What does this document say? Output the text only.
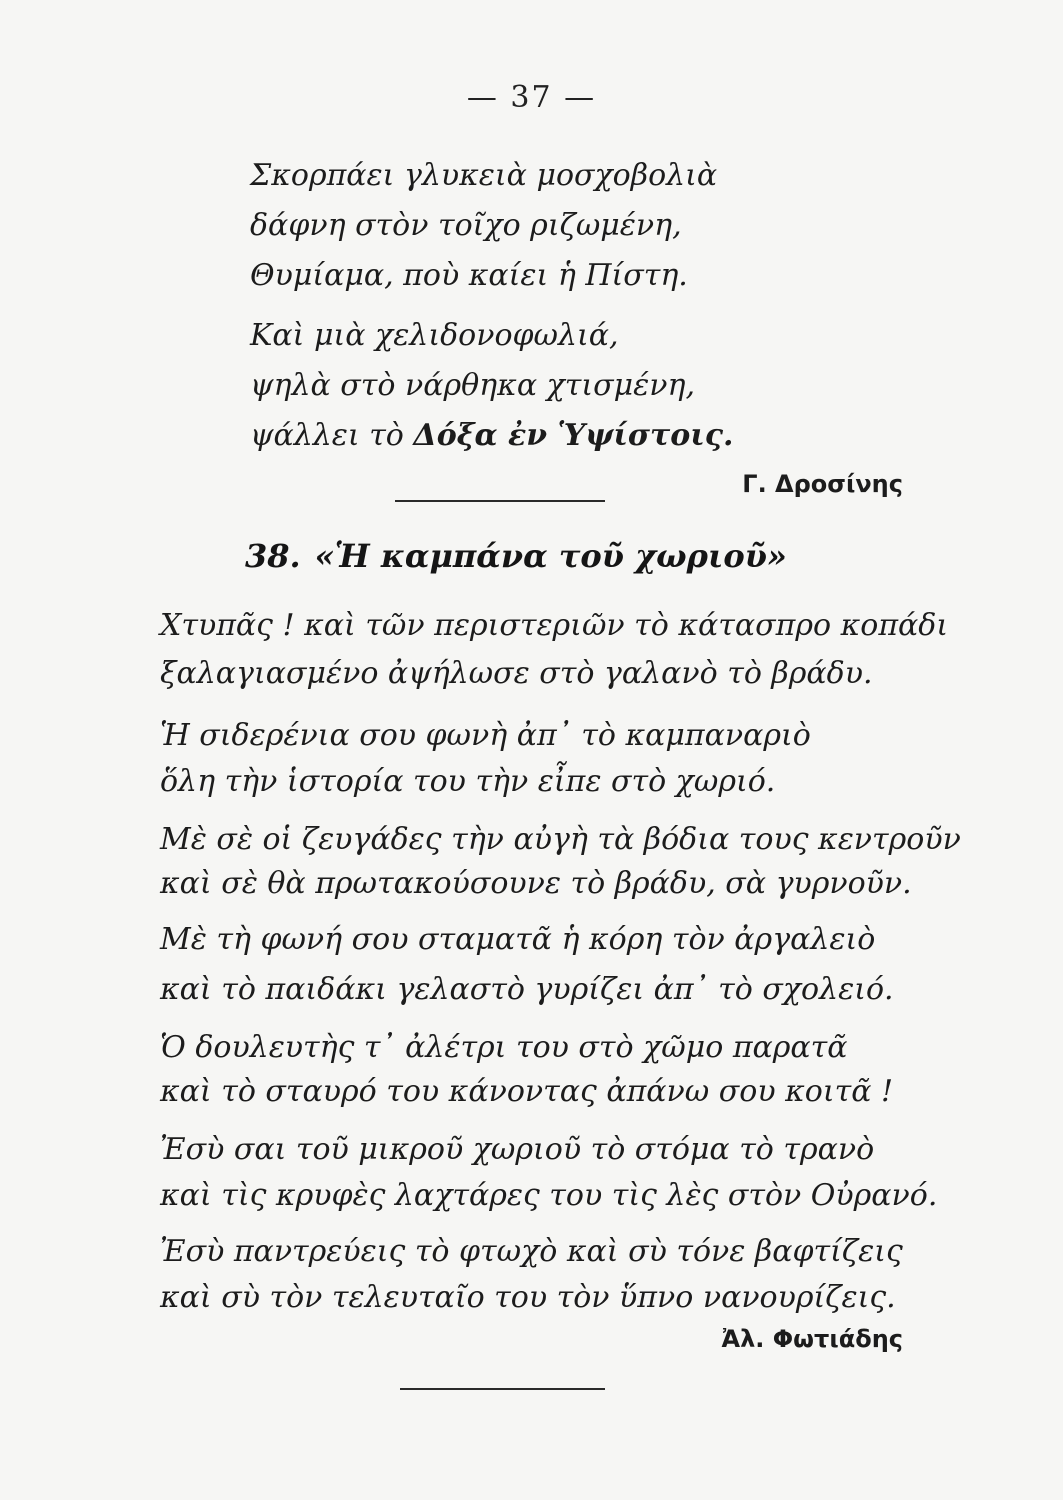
— 37 —
Σκορπάει γλυκειὰ μοσχοβολιὰ
δάφνη στὸν τοῖχο ριζωμένη,
Θυμίαμα, ποὺ καίει ἡ Πίστη.
Καὶ μιὰ χελιδονοφωλιά,
ψηλὰ στὸ νάρθηκα χτισμένη,
ψάλλει τὸ Δόξα ἐν Ὑψίστοις.
Γ. Δροσίνης
38. «Ἡ καμπάνα τοῦ χωριοῦ»
Χτυπᾶς ! καὶ τῶν περιστεριῶν τὸ κάτασπρο κοπάδι
ξαλαγιασμένο ἀψήλωσε στὸ γαλανὸ τὸ βράδυ.
Ἡ σιδερένια σου φωνὴ ἀπ᾽ τὸ καμπαναριὸ
ὅλη τὴν ἱστορία του τὴν εἶπε στὸ χωριό.
Μὲ σὲ οἱ ζευγάδες τὴν αὐγὴ τὰ βόδια τους κεντροῦν
καὶ σὲ θὰ πρωτακούσουνε τὸ βράδυ, σὰ γυρνοῦν.
Μὲ τὴ φωνή σου σταματᾶ ἡ κόρη τὸν ἀργαλειὸ
καὶ τὸ παιδάκι γελαστὸ γυρίζει ἀπ᾽ τὸ σχολειό.
Ὁ δουλευτὴς τ᾽ ἀλέτρι του στὸ χῶμο παρατᾶ
καὶ τὸ σταυρό του κάνοντας ἀπάνω σου κοιτᾶ !
Ἐσὺ σαι τοῦ μικροῦ χωριοῦ τὸ στόμα τὸ τρανὸ
καὶ τὶς κρυφὲς λαχτάρες του τὶς λὲς στὸν Οὐρανό.
Ἐσὺ παντρεύεις τὸ φτωχὸ καὶ σὺ τόνε βαφτίζεις
καὶ σὺ τὸν τελευταῖο του τὸν ὕπνο νανουρίζεις.
Ἀλ. Φωτιάδης
